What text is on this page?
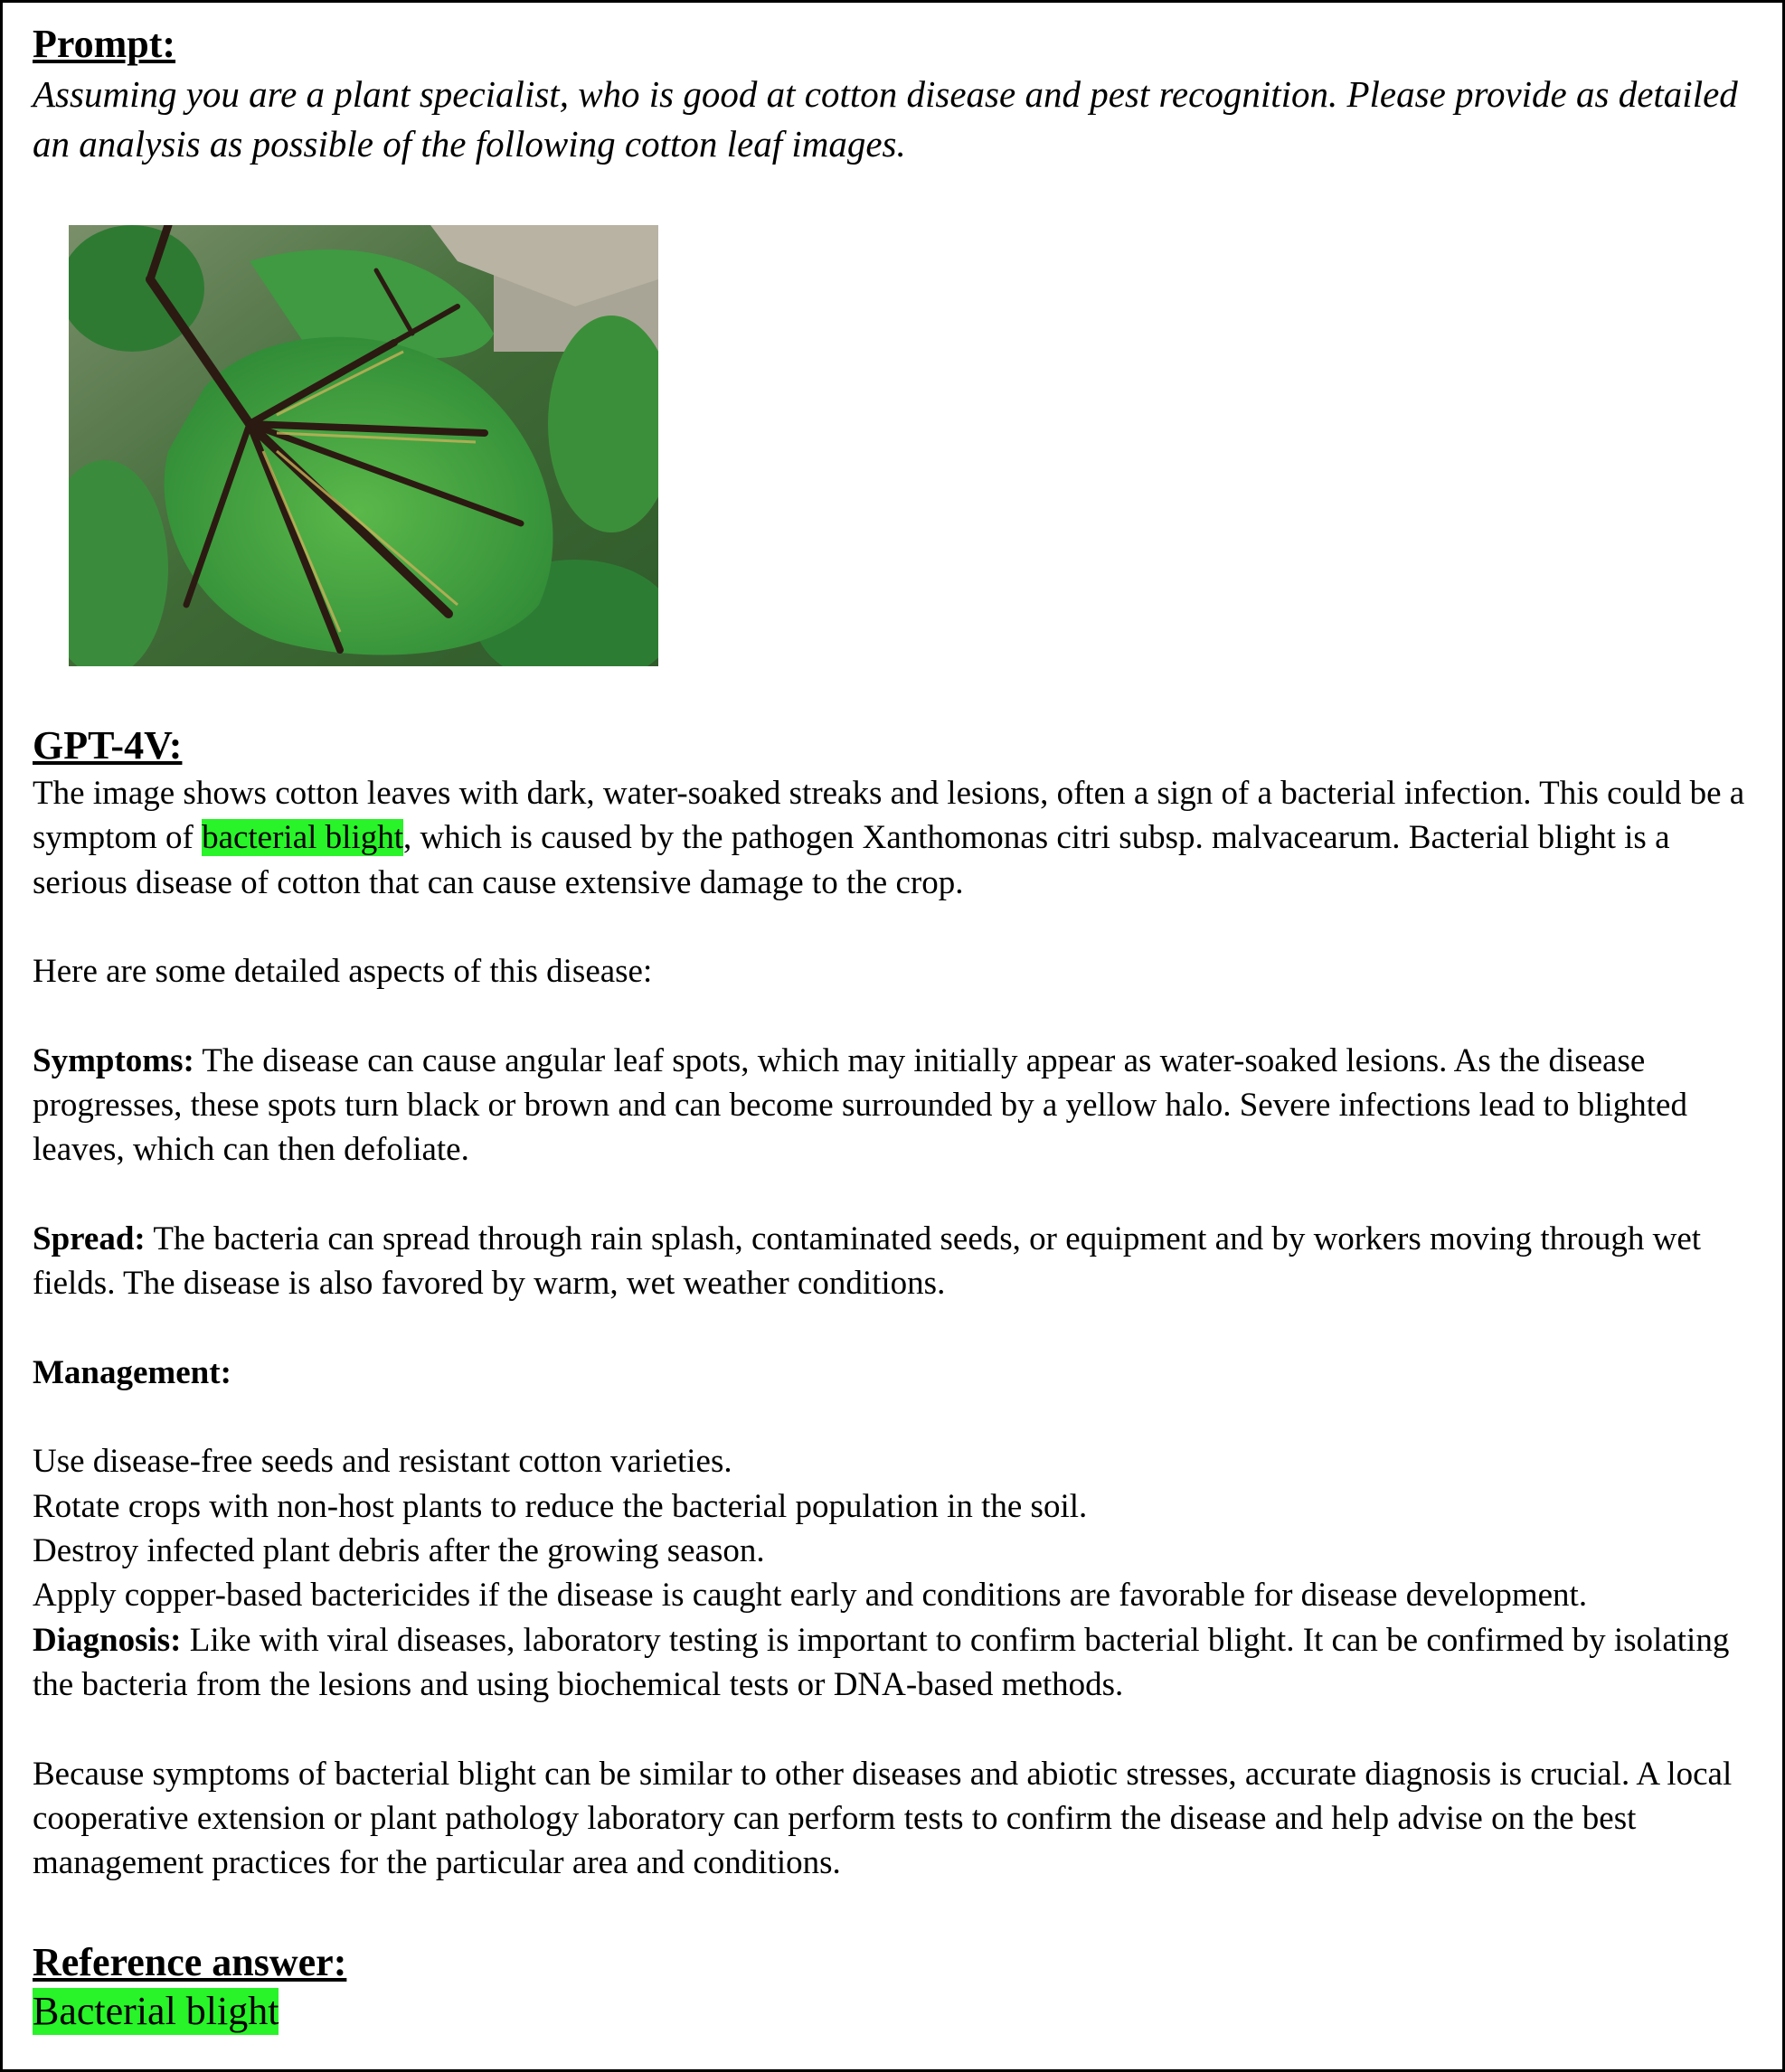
Prompt:

Assuming you are a plant specialist, who is good at cotton disease and pest recognition. Please provide as detailed an analysis as possible of the following cotton leaf images.

GPT-4V:

The image shows cotton leaves with dark, water-soaked streaks and lesions, often a sign of a bacterial infection. This could be a symptom of bacterial blight, which is caused by the pathogen Xanthomonas citri subsp. malvacearum. Bacterial blight is a serious disease of cotton that can cause extensive damage to the crop.

Here are some detailed aspects of this disease:

Symptoms: The disease can cause angular leaf spots, which may initially appear as water-soaked lesions. As the disease progresses, these spots turn black or brown and can become surrounded by a yellow halo. Severe infections lead to blighted leaves, which can then defoliate.

Spread: The bacteria can spread through rain splash, contaminated seeds, or equipment and by workers moving through wet fields. The disease is also favored by warm, wet weather conditions.

Management:

Use disease-free seeds and resistant cotton varieties.

Rotate crops with non-host plants to reduce the bacterial population in the soil.

Destroy infected plant debris after the growing season.

Apply copper-based bactericides if the disease is caught early and conditions are favorable for disease development.

Diagnosis: Like with viral diseases, laboratory testing is important to confirm bacterial blight. It can be confirmed by isolating the bacteria from the lesions and using biochemical tests or DNA-based methods.

Because symptoms of bacterial blight can be similar to other diseases and abiotic stresses, accurate diagnosis is crucial. A local cooperative extension or plant pathology laboratory can perform tests to confirm the disease and help advise on the best management practices for the particular area and conditions.

Reference answer:
Bacterial blight
